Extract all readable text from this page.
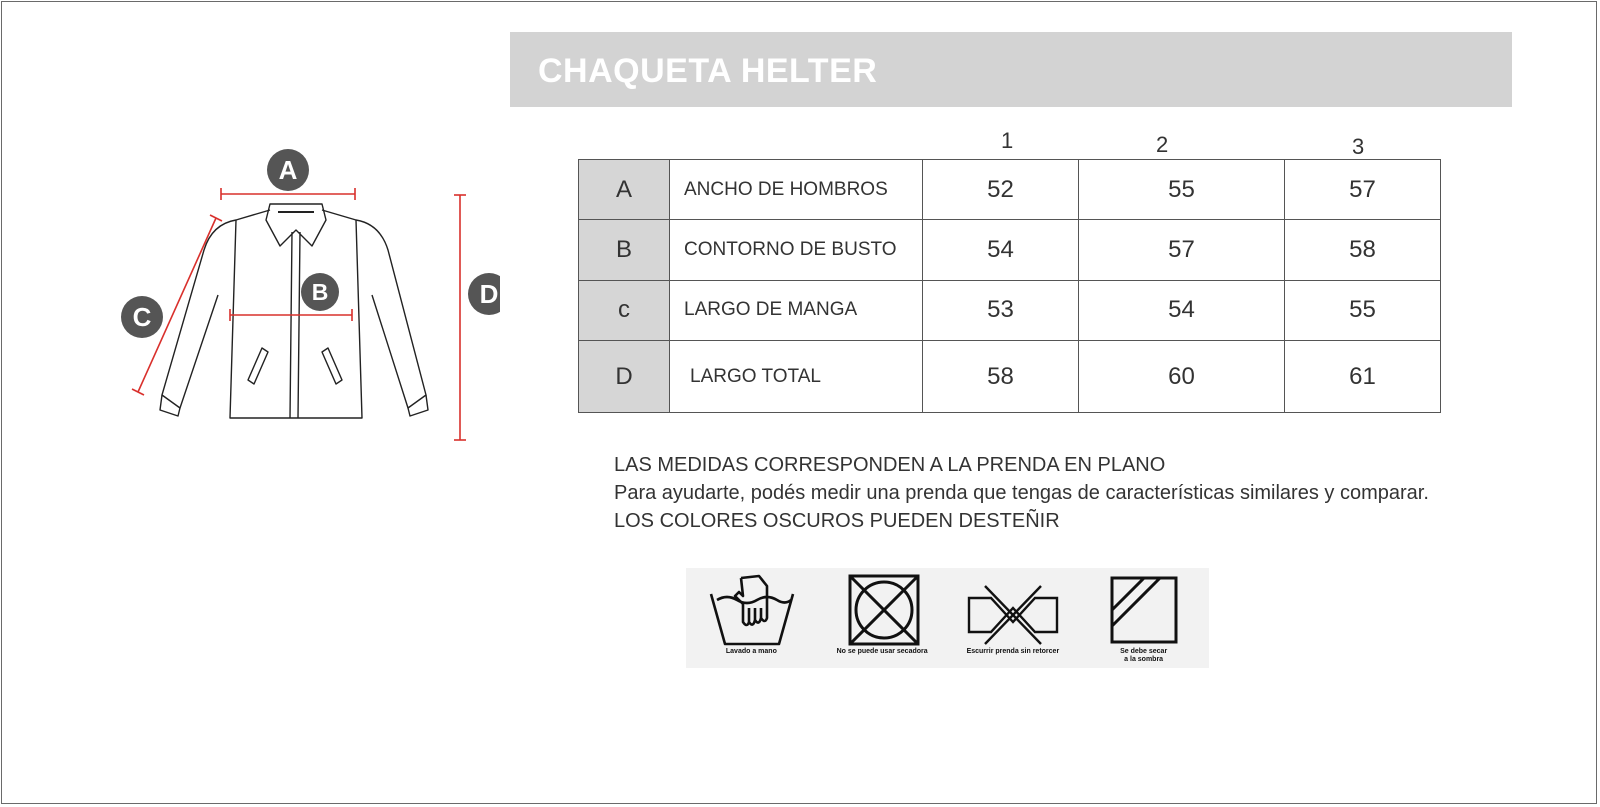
CHAQUETA HELTER
A
B
C
D
1	2	3
A	ANCHO DE HOMBROS	52	55	57
B	CONTORNO DE BUSTO	54	57	58
c	LARGO DE MANGA	53	54	55
D	LARGO TOTAL	58	60	61
LAS MEDIDAS CORRESPONDEN A LA PRENDA EN PLANO
Para ayudarte, podés medir una prenda que tengas de características similares y comparar.
LOS COLORES OSCUROS PUEDEN DESTEÑIR
Lavado a mano	No se puede usar secadora	Escurrir prenda sin retorcer	Se debe secar
a la sombra
